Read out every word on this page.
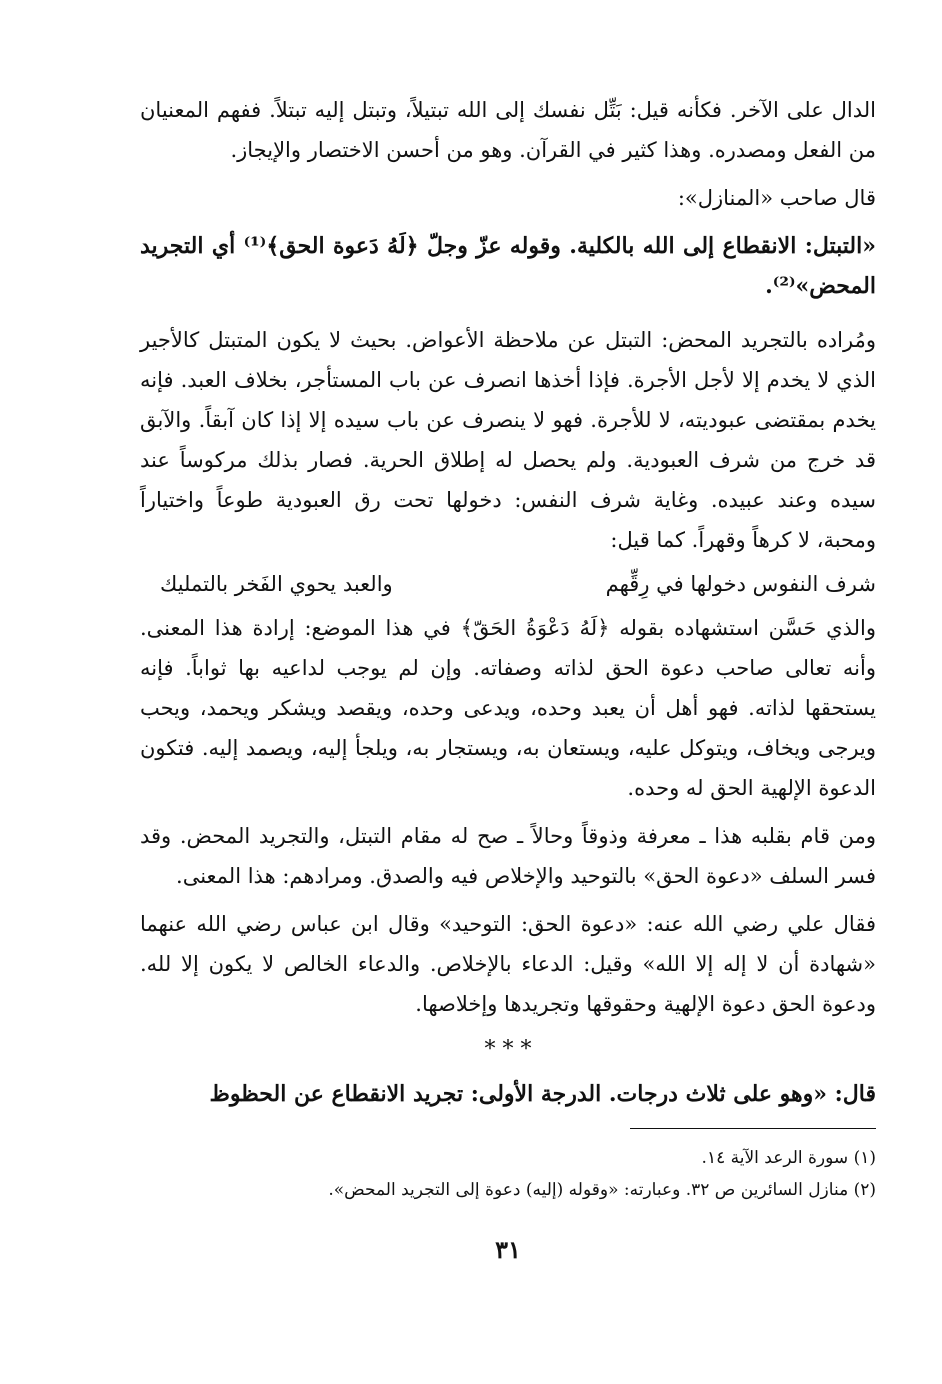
الدال على الآخر. فكأنه قيل: بَتِّل نفسك إلى الله تبتيلاً، وتبتل إليه تبتلاً. ففهم المعنيان من الفعل ومصدره. وهذا كثير في القرآن. وهو من أحسن الاختصار والإيجاز.

قال صاحب «المنازل»:

«التبتل: الانقطاع إلى الله بالكلية. وقوله عزّ وجلّ ﴿لَهُ دَعوة الحق﴾⁽¹⁾ أي التجريد المحض»⁽²⁾.

ومُراده بالتجريد المحض: التبتل عن ملاحظة الأعواض. بحيث لا يكون المتبتل كالأجير الذي لا يخدم إلا لأجل الأجرة. فإذا أخذها انصرف عن باب المستأجر، بخلاف العبد. فإنه يخدم بمقتضى عبوديته، لا للأجرة. فهو لا ينصرف عن باب سيده إلا إذا كان آبقاً. والآبق قد خرج من شرف العبودية. ولم يحصل له إطلاق الحرية. فصار بذلك مركوساً عند سيده وعند عبيده. وغاية شرف النفس: دخولها تحت رق العبودية طوعاً واختياراً ومحبة، لا كرهاً وقهراً. كما قيل:

شرف النفوس دخولها في رِقِّهم
والعبد يحوي الفَخر بالتمليك

والذي حَسَّن استشهاده بقوله ﴿لَهُ دَعْوَةُ الحَقّ﴾ في هذا الموضع: إرادة هذا المعنى. وأنه تعالى صاحب دعوة الحق لذاته وصفاته. وإن لم يوجب لداعيه بها ثواباً. فإنه يستحقها لذاته. فهو أهل أن يعبد وحده، ويدعى وحده، ويقصد ويشكر ويحمد، ويحب ويرجى ويخاف، ويتوكل عليه، ويستعان به، ويستجار به، ويلجأ إليه، ويصمد إليه. فتكون الدعوة الإلهية الحق له وحده.

ومن قام بقلبه هذا ـ معرفة وذوقاً وحالاً ـ صح له مقام التبتل، والتجريد المحض. وقد فسر السلف «دعوة الحق» بالتوحيد والإخلاص فيه والصدق. ومرادهم: هذا المعنى.

فقال علي رضي الله عنه: «دعوة الحق: التوحيد» وقال ابن عباس رضي الله عنهما «شهادة أن لا إله إلا الله» وقيل: الدعاء بالإخلاص. والدعاء الخالص لا يكون إلا لله. ودعوة الحق دعوة الإلهية وحقوقها وتجريدها وإخلاصها.

* * *

قال: «وهو على ثلاث درجات. الدرجة الأولى: تجريد الانقطاع عن الحظوظ

(١) سورة الرعد الآية ١٤.

(٢) منازل السائرين ص ٣٢. وعبارته: «وقوله (إليه) دعوة إلى التجريد المحض».

٣١
